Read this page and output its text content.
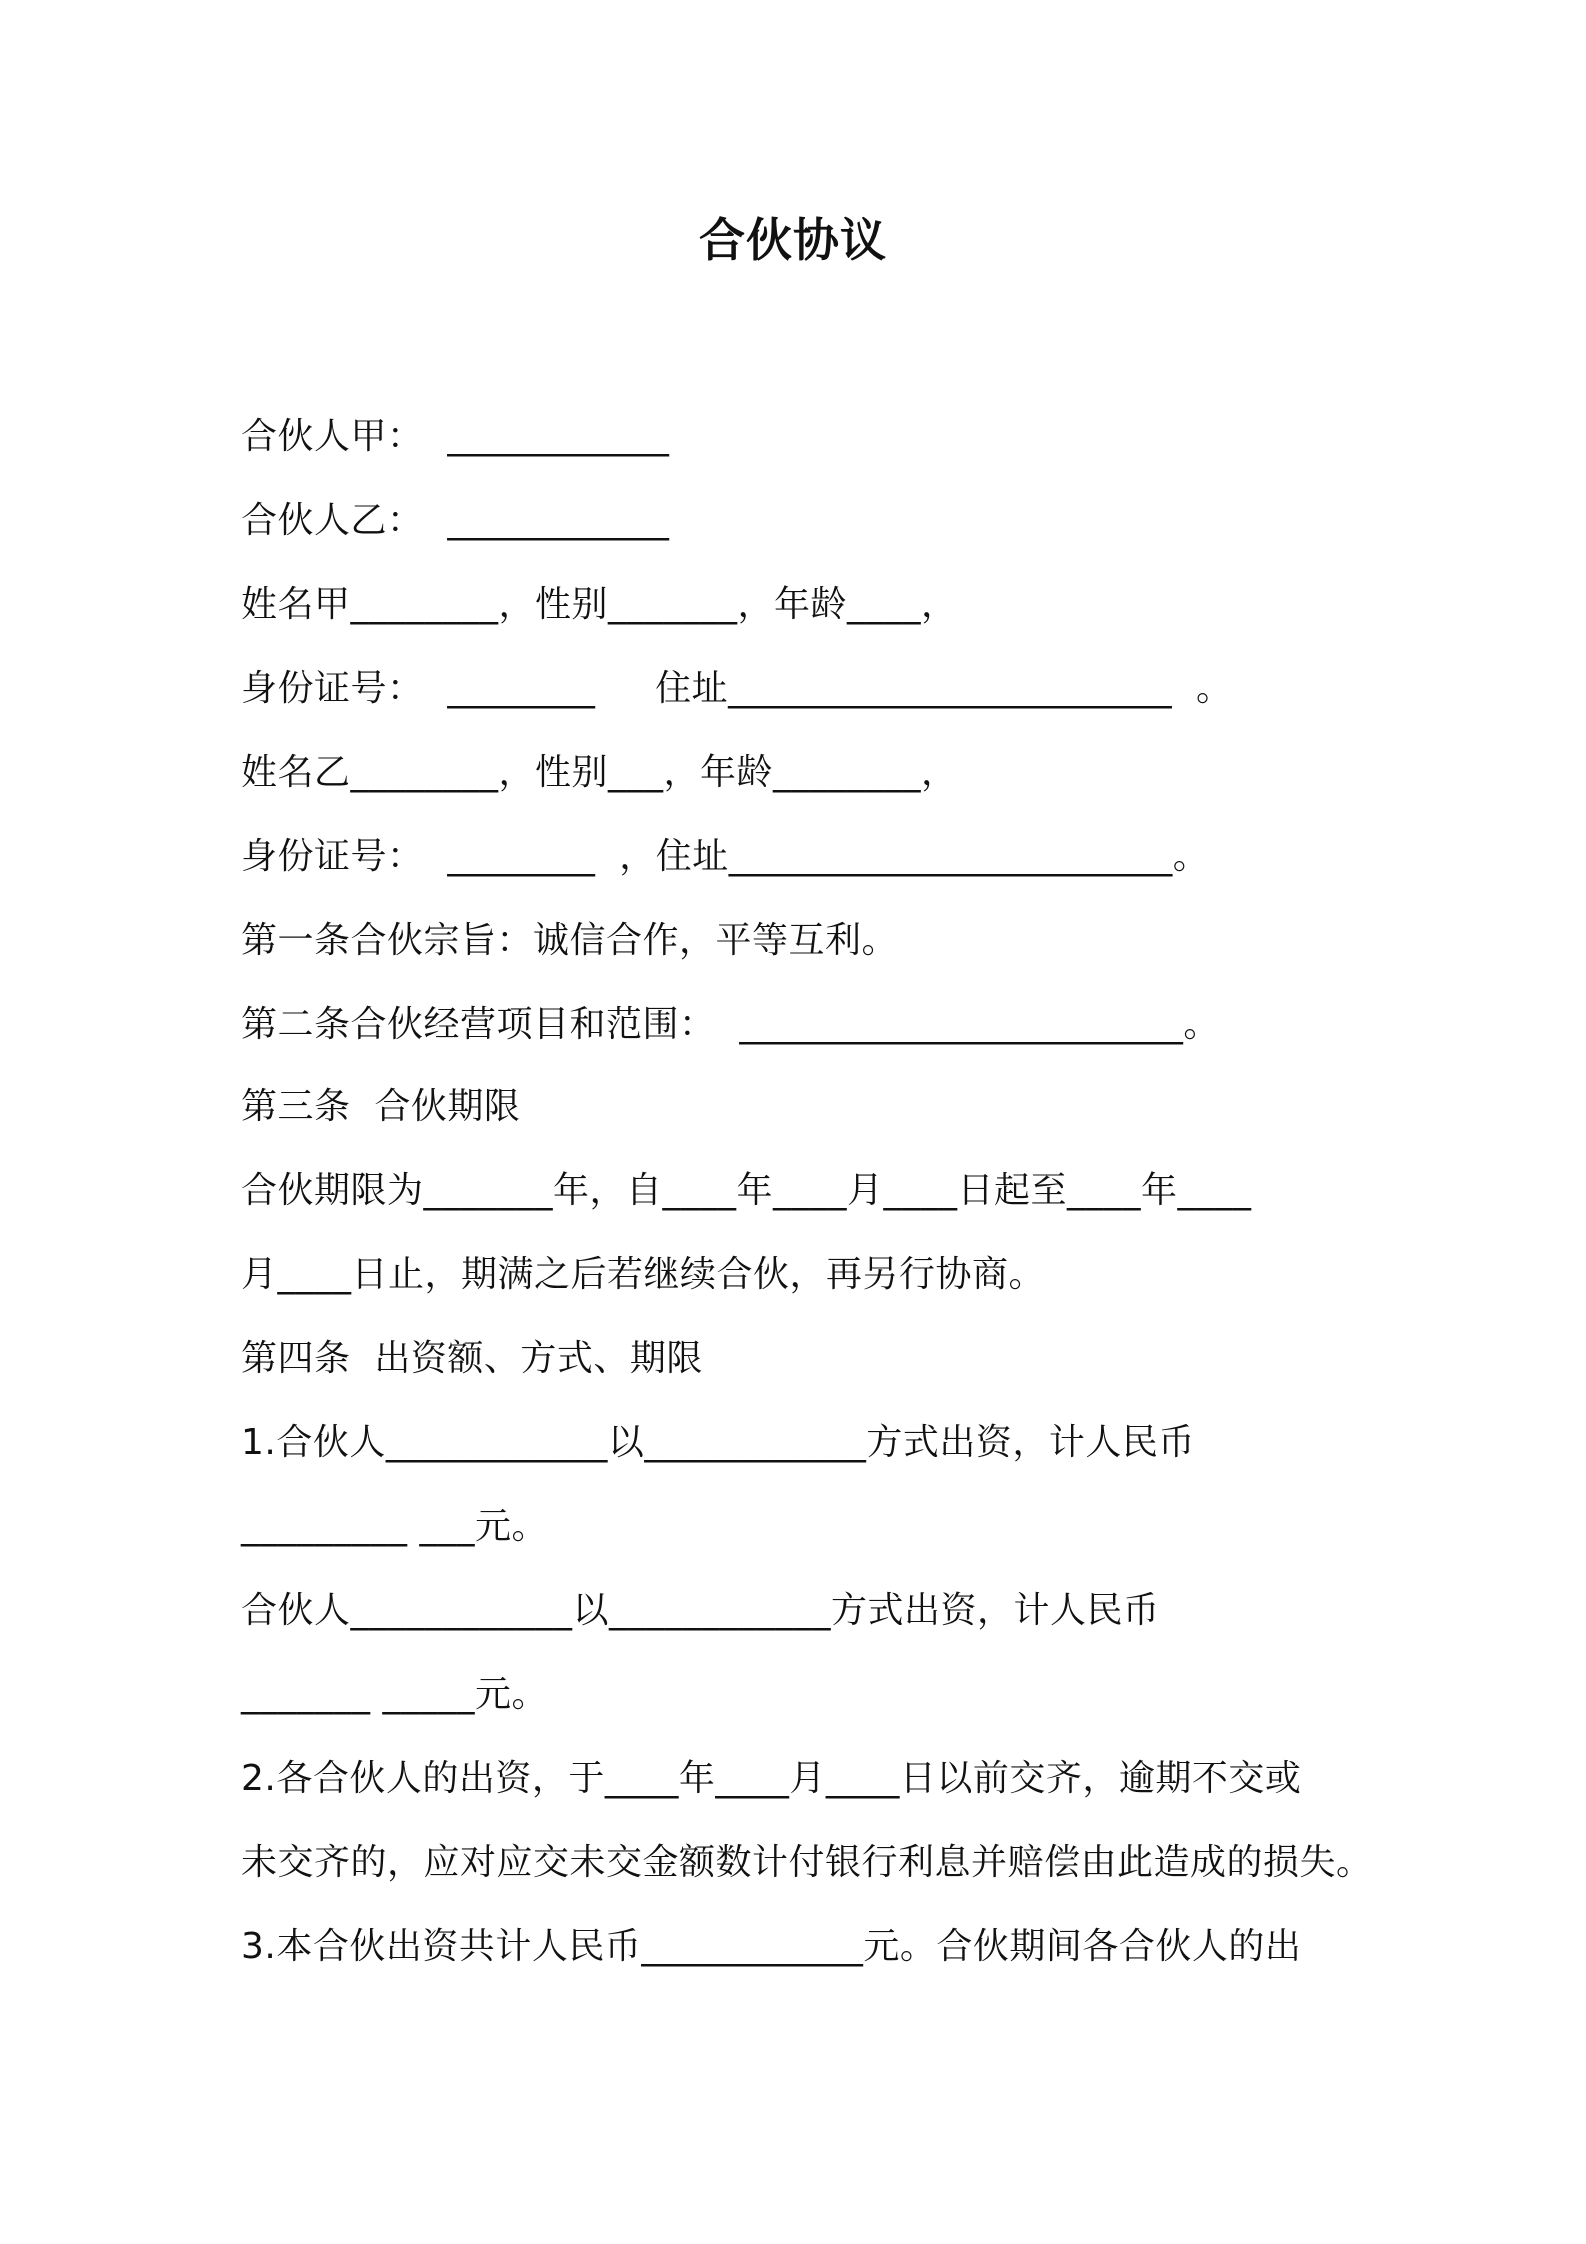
合伙协议
合伙人甲：  ____________
合伙人乙：  ____________
姓名甲________，性别_______，年龄____，
身份证号：  ________     住址________________________  。
姓名乙________，性别___，年龄________，
身份证号：  ________  ，住址________________________。
第一条合伙宗旨：诚信合作，平等互利。
第二条合伙经营项目和范围：  ________________________。
第三条  合伙期限
合伙期限为_______年，自____年____月____日起至____年____
月____日止，期满之后若继续合伙，再另行协商。
第四条  出资额、方式、期限
1.合伙人____________以____________方式出资，计人民币
_________ ___元。
合伙人____________以____________方式出资，计人民币
_______ _____元。
2.各合伙人的出资，于____年____月____日以前交齐，逾期不交或
未交齐的，应对应交未交金额数计付银行利息并赔偿由此造成的损失。
3.本合伙出资共计人民币____________元。合伙期间各合伙人的出
